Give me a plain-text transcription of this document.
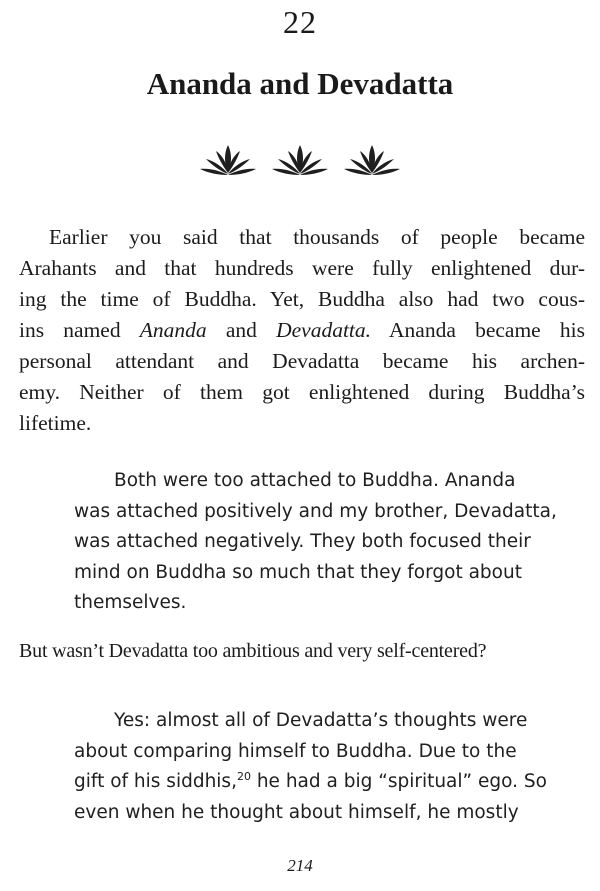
22
Ananda and Devadatta

Earlier you said that thousands of people became
Arahants and that hundreds were fully enlightened dur-
ing the time of Buddha. Yet, Buddha also had two cous-
ins named Ananda and Devadatta. Ananda became his
personal attendant and Devadatta became his archen-
emy. Neither of them got enlightened during Buddha’s
lifetime.
Both were too attached to Buddha. Ananda
was attached positively and my brother, Devadatta,
was attached negatively. They both focused their
mind on Buddha so much that they forgot about
themselves.
But wasn’t Devadatta too ambitious and very self-centered?
Yes: almost all of Devadatta’s thoughts were
about comparing himself to Buddha. Due to the
gift of his siddhis,$^{20}$ he had a big “spiritual” ego. So
even when he thought about himself, he mostly
214
